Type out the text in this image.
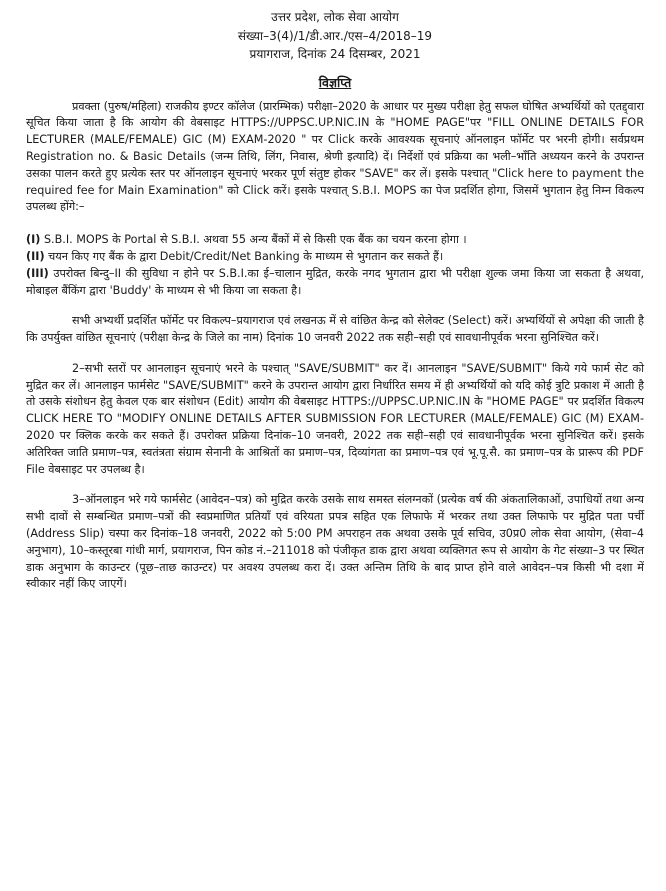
उत्तर प्रदेश, लोक सेवा आयोग
संख्या–3(4)/1/डी.आर./एस–4/2018–19
प्रयागराज, दिनांक 24 दिसम्बर, 2021
विज्ञप्ति

प्रवक्ता (पुरुष/महिला) राजकीय इण्टर कॉलेज (प्रारम्भिक) परीक्षा–2020 के आधार पर मुख्य परीक्षा हेतु सफल घोषित अभ्यर्थियों को एतद्द्वारा सूचित किया जाता है कि आयोग की वेबसाइट HTTPS://UPPSC.UP.NIC.IN के "HOME PAGE"पर "FILL ONLINE DETAILS FOR LECTURER (MALE/FEMALE) GIC (M) EXAM-2020 " पर Click करके आवश्यक सूचनाएं ऑनलाइन फॉर्मेट पर भरनी होगी। सर्वप्रथम Registration no. & Basic Details (जन्म तिथि, लिंग, निवास, श्रेणी इत्यादि) दें। निर्देशों एवं प्रक्रिया का भली–भाँति अध्ययन करने के उपरान्त उसका पालन करते हुए प्रत्येक स्तर पर ऑनलाइन सूचनाएं भरकर पूर्ण संतुष्ट होकर "SAVE" कर लें। इसके पश्चात् "Click here to payment the required fee for Main Examination" को Click करें। इसके पश्चात् S.B.I. MOPS का पेज प्रदर्शित होगा, जिसमें भुगतान हेतु निम्न विकल्प उपलब्ध होंगे:–

(I) S.B.I. MOPS के Portal से S.B.I. अथवा 55 अन्य बैंकों में से किसी एक बैंक का चयन करना होगा ।

(II) चयन किए गए बैंक के द्वारा Debit/Credit/Net Banking के माध्यम से भुगतान कर सकते हैं।

(III) उपरोक्त बिन्दु–II की सुविधा न होने पर S.B.I.का ई–चालान मुद्रित, करके नगद भुगतान द्वारा भी परीक्षा शुल्क जमा किया जा सकता है अथवा, मोबाइल बैंकिंग द्वारा 'Buddy' के माध्यम से भी किया जा सकता है।

सभी अभ्यर्थी प्रदर्शित फॉर्मेट पर विकल्प–प्रयागराज एवं लखनऊ में से वांछित केन्द्र को सेलेक्ट (Select) करें। अभ्यर्थियों से अपेक्षा की जाती है कि उपर्युक्त वांछित सूचनाएं (परीक्षा केन्द्र के जिले का नाम) दिनांक 10 जनवरी 2022 तक सही–सही एवं सावधानीपूर्वक भरना सुनिश्चित करें।

2–सभी स्तरों पर आनलाइन सूचनाएं भरने के पश्चात् "SAVE/SUBMIT" कर दें। आनलाइन "SAVE/SUBMIT" किये गये फार्म सेट को मुद्रित कर लें। आनलाइन फार्मसेट "SAVE/SUBMIT" करने के उपरान्त आयोग द्वारा निर्धारित समय में ही अभ्यर्थियों को यदि कोई त्रुटि प्रकाश में आती है तो उसके संशोधन हेतु केवल एक बार संशोधन (Edit) आयोग की वेबसाइट HTTPS://UPPSC.UP.NIC.IN के "HOME PAGE" पर प्रदर्शित विकल्प CLICK HERE TO "MODIFY ONLINE DETAILS AFTER SUBMISSION FOR LECTURER (MALE/FEMALE) GIC (M) EXAM-2020 पर क्लिक करके कर सकते हैं। उपरोक्त प्रक्रिया दिनांक–10 जनवरी, 2022 तक सही–सही एवं सावधानीपूर्वक भरना सुनिश्चित करें। इसके अतिरिक्त जाति प्रमाण–पत्र, स्वतंत्रता संग्राम सेनानी के आश्रितों का प्रमाण–पत्र, दिव्यांगता का प्रमाण–पत्र एवं भू.पू.सै. का प्रमाण–पत्र के प्रारूप की PDF File वेबसाइट पर उपलब्ध है।

3–ऑनलाइन भरे गये फार्मसेट (आवेदन–पत्र) को मुद्रित करके उसके साथ समस्त संलग्नकों (प्रत्येक वर्ष की अंकतालिकाओं, उपाधियों तथा अन्य सभी दावों से सम्बन्धित प्रमाण–पत्रों की स्वप्रमाणित प्रतियाँ एवं वरियता प्रपत्र सहित एक लिफाफे में भरकर तथा उक्त लिफाफे पर मुद्रित पता पर्ची (Address Slip) चस्पा कर दिनांक–18 जनवरी, 2022 को 5:00 PM अपराहन तक अथवा उसके पूर्व सचिव, उ0प्र0 लोक सेवा आयोग, (सेवा–4 अनुभाग), 10–कस्तूरबा गांधी मार्ग, प्रयागराज, पिन कोड नं.–211018 को पंजीकृत डाक द्वारा अथवा व्यक्तिगत रूप से आयोग के गेट संख्या–3 पर स्थित डाक अनुभाग के काउन्टर (पूछ–ताछ काउन्टर) पर अवश्य उपलब्ध करा दें। उक्त अन्तिम तिथि के बाद प्राप्त होने वाले आवेदन–पत्र किसी भी दशा में स्वीकार नहीं किए जाएगें।
